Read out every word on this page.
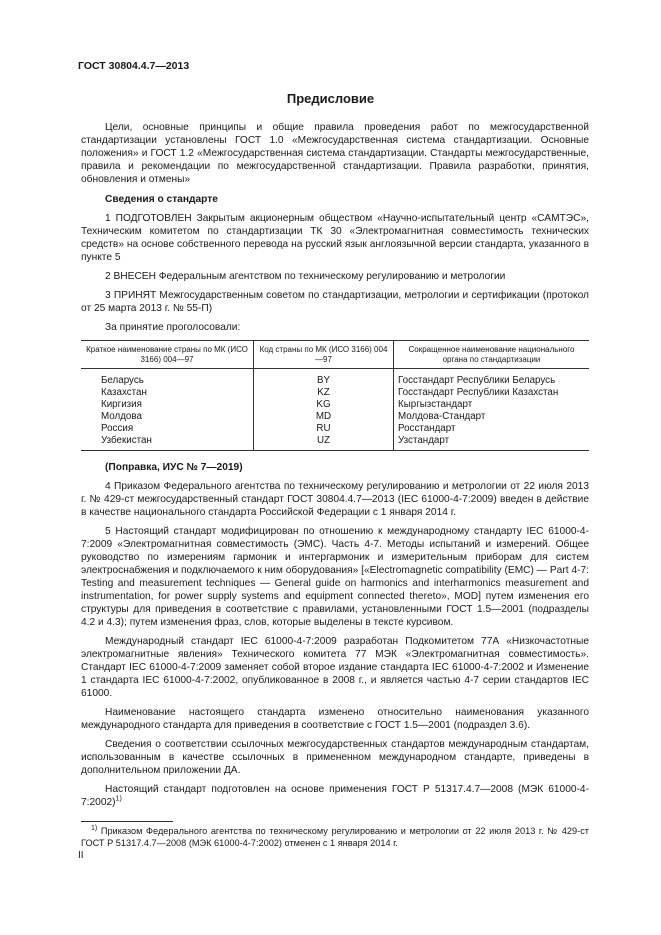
ГОСТ 30804.4.7—2013
Предисловие

Цели, основные принципы и общие правила проведения работ по межгосударственной стандартизации установлены ГОСТ 1.0 «Межгосударственная система стандартизации. Основные положения» и ГОСТ 1.2 «Межгосударственная система стандартизации. Стандарты межгосударственные, правила и рекомендации по межгосударственной стандартизации. Правила разработки, принятия, обновления и отмены»

Сведения о стандарте

1 ПОДГОТОВЛЕН Закрытым акционерным обществом «Научно-испытательный центр «САМТЭС», Техническим комитетом по стандартизации ТК 30 «Электромагнитная совместимость технических средств» на основе собственного перевода на русский язык англоязычной версии стандарта, указанного в пункте 5

2 ВНЕСЕН Федеральным агентством по техническому регулированию и метрологии

3 ПРИНЯТ Межгосударственным советом по стандартизации, метрологии и сертификации (протокол от 25 марта 2013 г. № 55-П)

За принятие проголосовали:

Краткое наименование страны по МК (ИСО 3166) 004—97	Код страны по МК (ИСО 3166) 004—97	Сокращенное наименование национального органа по стандартизации
Беларусь	BY	Госстандарт Республики Беларусь
Казахстан	KZ	Госстандарт Республики Казахстан
Киргизия	KG	Кыргызстандарт
Молдова	MD	Молдова-Стандарт
Россия	RU	Росстандарт
Узбекистан	UZ	Узстандарт
(Поправка, ИУС № 7—2019)

4 Приказом Федерального агентства по техническому регулированию и метрологии от 22 июля 2013 г. № 429-ст межгосударственный стандарт ГОСТ 30804.4.7—2013 (IEC 61000-4-7:2009) введен в действие в качестве национального стандарта Российской Федерации с 1 января 2014 г.

5 Настоящий стандарт модифицирован по отношению к международному стандарту IEC 61000-4-7:2009 «Электромагнитная совместимость (ЭМС). Часть 4-7. Методы испытаний и измерений. Общее руководство по измерениям гармоник и интергармоник и измерительным приборам для систем электроснабжения и подключаемого к ним оборудования» [«Electromagnetic compatibility (EMC) — Part 4-7: Testing and measurement techniques — General guide on harmonics and interharmonics measurement and instrumentation, for power supply systems and equipment connected thereto», MOD] путем изменения его структуры для приведения в соответствие с правилами, установленными ГОСТ 1.5—2001 (подразделы 4.2 и 4.3); путем изменения фраз, слов, которые выделены в тексте курсивом.

Международный стандарт IEC 61000-4-7:2009 разработан Подкомитетом 77А «Низкочастотные электромагнитные явления» Технического комитета 77 МЭК «Электромагнитная совместимость». Стандарт IEC 61000-4-7:2009 заменяет собой второе издание стандарта IEC 61000-4-7:2002 и Изменение 1 стандарта IEC 61000-4-7:2002, опубликованное в 2008 г., и является частью 4-7 серии стандартов IEC 61000.

Наименование настоящего стандарта изменено относительно наименования указанного международного стандарта для приведения в соответствие с ГОСТ 1.5—2001 (подраздел 3.6).

Сведения о соответствии ссылочных межгосударственных стандартов международным стандартам, использованным в качестве ссылочных в примененном международном стандарте, приведены в дополнительном приложении ДА.

Настоящий стандарт подготовлен на основе применения ГОСТ Р 51317.4.7—2008 (МЭК 61000-4-7:2002)$^{1)}$

$^{1)}$ Приказом Федерального агентства по техническому регулированию и метрологии от 22 июля 2013 г. № 429-ст ГОСТ Р 51317.4.7—2008 (МЭК 61000-4-7:2002) отменен с 1 января 2014 г.

II
